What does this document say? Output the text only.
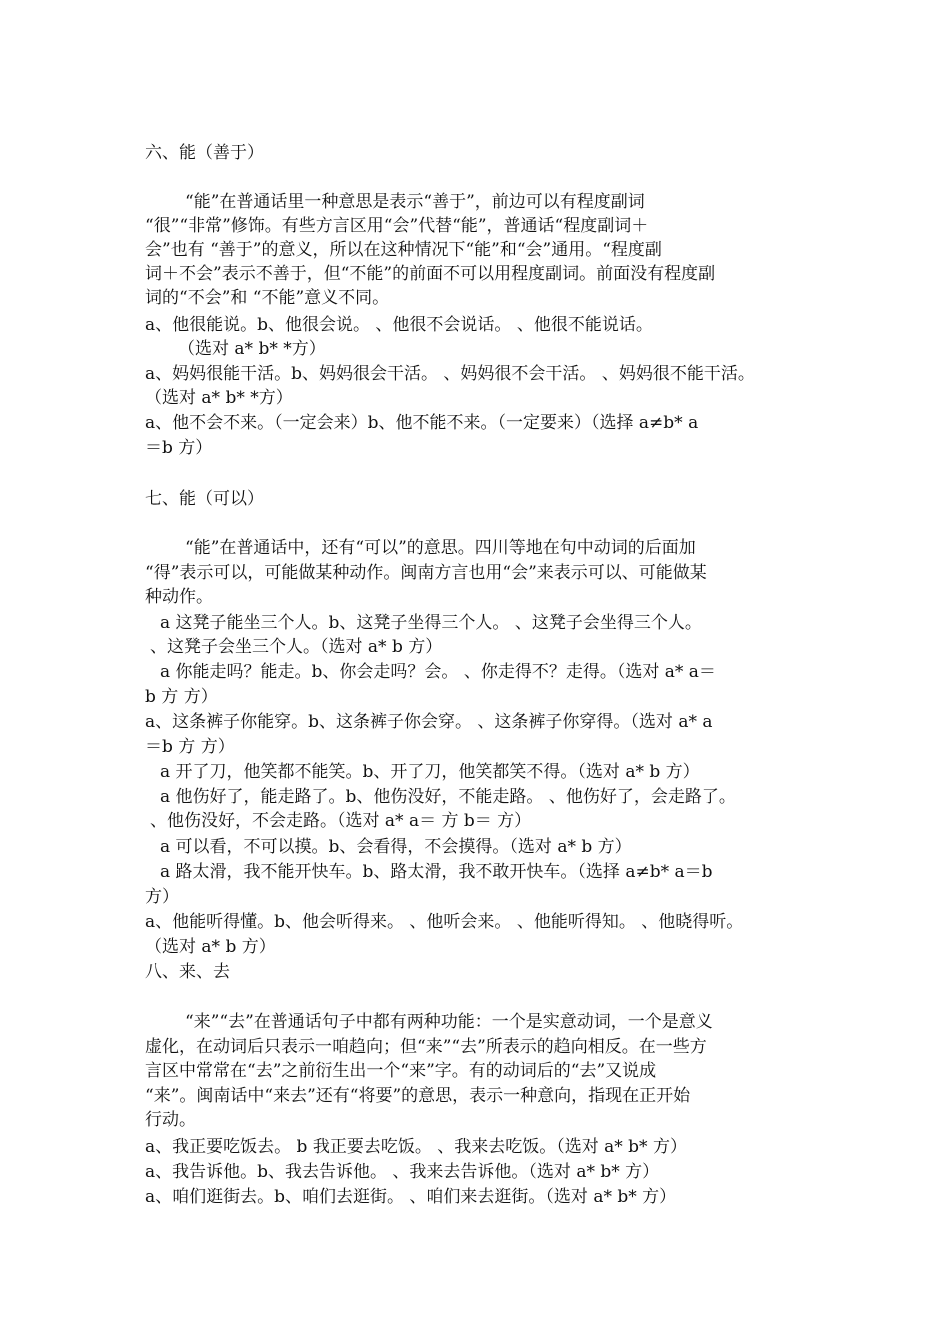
六、能（善于）
“能”在普通话里一种意思是表示“善于”，前边可以有程度副词
“很”“非常”修饰。有些方言区用“会”代替“能”，普通话“程度副词＋
会”也有 “善于”的意义，所以在这种情况下“能”和“会”通用。“程度副
词＋不会”表示不善于，但“不能”的前面不可以用程度副词。前面没有程度副
词的“不会”和 “不能”意义不同。
a、他很能说。b、他很会说。 、他很不会说话。 、他很不能说话。
（选对 a* b* *方）
a、妈妈很能干活。b、妈妈很会干活。 、妈妈很不会干活。 、妈妈很不能干活。
（选对 a* b* *方）
a、他不会不来。（一定会来）b、他不能不来。（一定要来）（选择 a≠b* a
＝b 方）
七、能（可以）
“能”在普通话中，还有“可以”的意思。四川等地在句中动词的后面加
“得”表示可以，可能做某种动作。闽南方言也用“会”来表示可以、可能做某
种动作。
a 这凳子能坐三个人。b、这凳子坐得三个人。 、这凳子会坐得三个人。
、这凳子会坐三个人。（选对 a* b 方）
a 你能走吗？能走。b、你会走吗？会。 、你走得不？走得。（选对 a* a＝
b 方 方）
a、这条裤子你能穿。b、这条裤子你会穿。 、这条裤子你穿得。（选对 a* a
＝b 方 方）
a 开了刀，他笑都不能笑。b、开了刀，他笑都笑不得。（选对 a* b 方）
a 他伤好了，能走路了。b、他伤没好，不能走路。 、他伤好了，会走路了。
、他伤没好，不会走路。（选对 a* a＝ 方 b＝ 方）
a 可以看，不可以摸。b、会看得，不会摸得。（选对 a* b 方）
a 路太滑，我不能开快车。b、路太滑，我不敢开快车。（选择 a≠b* a＝b
方）
a、他能听得懂。b、他会听得来。 、他听会来。 、他能听得知。 、他晓得听。
（选对 a* b 方）
八、来、去
“来”“去”在普通话句子中都有两种功能：一个是实意动词，一个是意义
虚化，在动词后只表示一咱趋向；但“来”“去”所表示的趋向相反。在一些方
言区中常常在“去”之前衍生出一个“来”字。有的动词后的“去”又说成
“来”。闽南话中“来去”还有“将要”的意思，表示一种意向，指现在正开始
行动。
a、我正要吃饭去。 b 我正要去吃饭。 、我来去吃饭。（选对 a* b* 方）
a、我告诉他。b、我去告诉他。 、我来去告诉他。（选对 a* b* 方）
a、咱们逛街去。b、咱们去逛街。 、咱们来去逛街。（选对 a* b* 方）
